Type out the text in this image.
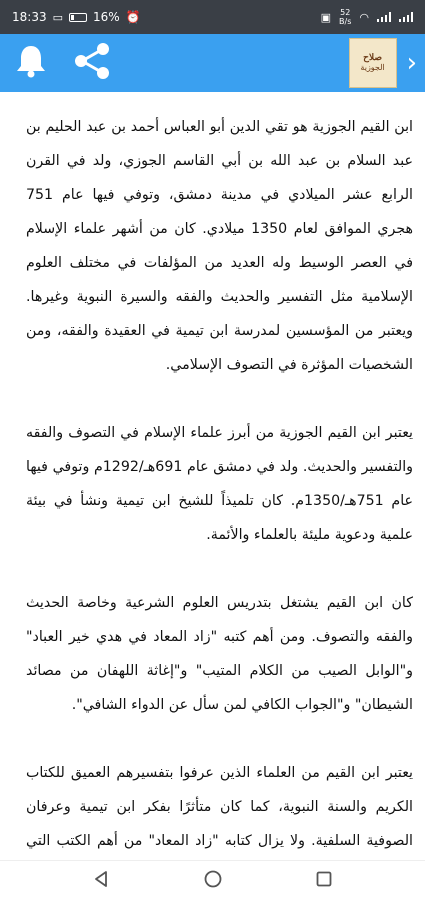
18:33 ▭	16% ⏰	▣ 52
B/s ◠
صلاح
الجوزية ›

ابن القيم الجوزية هو تقي الدين أبو العباس أحمد بن عبد الحليم بن عبد السلام بن عبد الله بن أبي القاسم الجوزي، ولد في القرن الرابع عشر الميلادي في مدينة دمشق، وتوفي فيها عام 751 هجري الموافق لعام 1350 ميلادي. كان من أشهر علماء الإسلام في العصر الوسيط وله العديد من المؤلفات في مختلف العلوم الإسلامية مثل التفسير والحديث والفقه والسيرة النبوية وغيرها. ويعتبر من المؤسسين لمدرسة ابن تيمية في العقيدة والفقه، ومن الشخصيات المؤثرة في التصوف الإسلامي.

يعتبر ابن القيم الجوزية من أبرز علماء الإسلام في التصوف والفقه والتفسير والحديث. ولد في دمشق عام 691هـ/1292م وتوفي فيها عام 751هـ/1350م. كان تلميذاً للشيخ ابن تيمية ونشأ في بيئة علمية ودعوية مليئة بالعلماء والأئمة.

كان ابن القيم يشتغل بتدريس العلوم الشرعية وخاصة الحديث والفقه والتصوف. ومن أهم كتبه "زاد المعاد في هدي خير العباد" و"الوابل الصيب من الكلام المتيب" و"إغاثة اللهفان من مصائد الشيطان" و"الجواب الكافي لمن سأل عن الدواء الشافي".

يعتبر ابن القيم من العلماء الذين عرفوا بتفسيرهم العميق للكتاب الكريم والسنة النبوية، كما كان متأثرًا بفكر ابن تيمية وعرفان الصوفية السلفية. ولا يزال كتابه "زاد المعاد" من أهم الكتب التي
